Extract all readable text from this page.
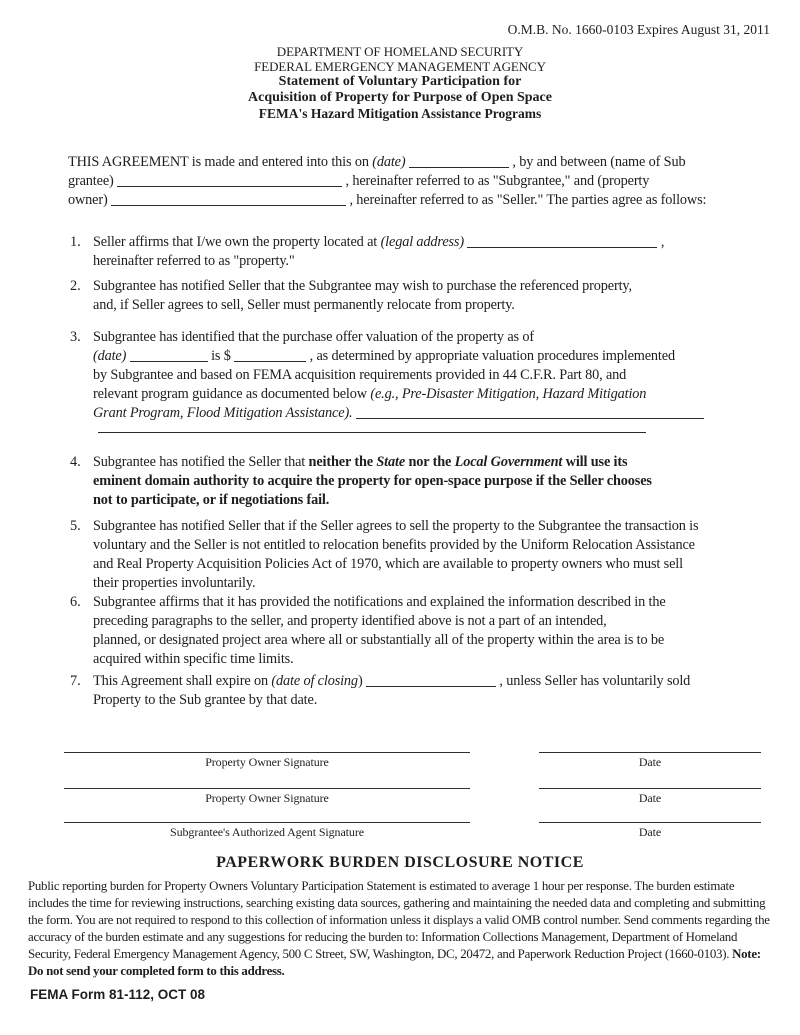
O.M.B. No. 1660-0103 Expires August 31, 2011
DEPARTMENT OF HOMELAND SECURITY
FEDERAL EMERGENCY MANAGEMENT AGENCY
Statement of Voluntary Participation for
Acquisition of Property for Purpose of Open Space
FEMA's Hazard Mitigation Assistance Programs
THIS AGREEMENT is made and entered into this on (date)	, by and between (name of Sub
grantee)	, hereinafter referred to as "Subgrantee," and (property
owner)	, hereinafter referred to as "Seller." The parties agree as follows:
1. Seller affirms that I/we own the property located at (legal address)	,
hereinafter referred to as "property."
2. Subgrantee has notified Seller that the Subgrantee may wish to purchase the referenced property,
and, if Seller agrees to sell, Seller must permanently relocate from property.
3. Subgrantee has identified that the purchase offer valuation of the property as of
(date)	is $	, as determined by appropriate valuation procedures implemented
by Subgrantee and based on FEMA acquisition requirements provided in 44 C.F.R. Part 80, and
relevant program guidance as documented below (e.g., Pre-Disaster Mitigation, Hazard Mitigation
Grant Program, Flood Mitigation Assistance).
4. Subgrantee has notified the Seller that neither the State nor the Local Government will use its
eminent domain authority to acquire the property for open-space purpose if the Seller chooses
not to participate, or if negotiations fail.
5. Subgrantee has notified Seller that if the Seller agrees to sell the property to the Subgrantee the transaction is
voluntary and the Seller is not entitled to relocation benefits provided by the Uniform Relocation Assistance
and Real Property Acquisition Policies Act of 1970, which are available to property owners who must sell
their properties involuntarily.
6. Subgrantee affirms that it has provided the notifications and explained the information described in the
preceding paragraphs to the seller, and property identified above is not a part of an intended,
planned, or designated project area where all or substantially all of the property within the area is to be
acquired within specific time limits.
7. This Agreement shall expire on (date of closing)	, unless Seller has voluntarily sold
Property to the Sub grantee by that date.
Property Owner Signature	Date
Property Owner Signature	Date
Subgrantee's Authorized Agent Signature	Date
PAPERWORK BURDEN DISCLOSURE NOTICE
Public reporting burden for Property Owners Voluntary Participation Statement is estimated to average 1 hour per response. The burden estimate includes the time for reviewing instructions, searching existing data sources, gathering and maintaining the needed data and completing and submitting the form. You are not required to respond to this collection of information unless it displays a valid OMB control number. Send comments regarding the accuracy of the burden estimate and any suggestions for reducing the burden to: Information Collections Management, Department of Homeland Security, Federal Emergency Management Agency, 500 C Street, SW, Washington, DC, 20472, and Paperwork Reduction Project (1660-0103). Note: Do not send your completed form to this address.
FEMA Form 81-112, OCT 08
